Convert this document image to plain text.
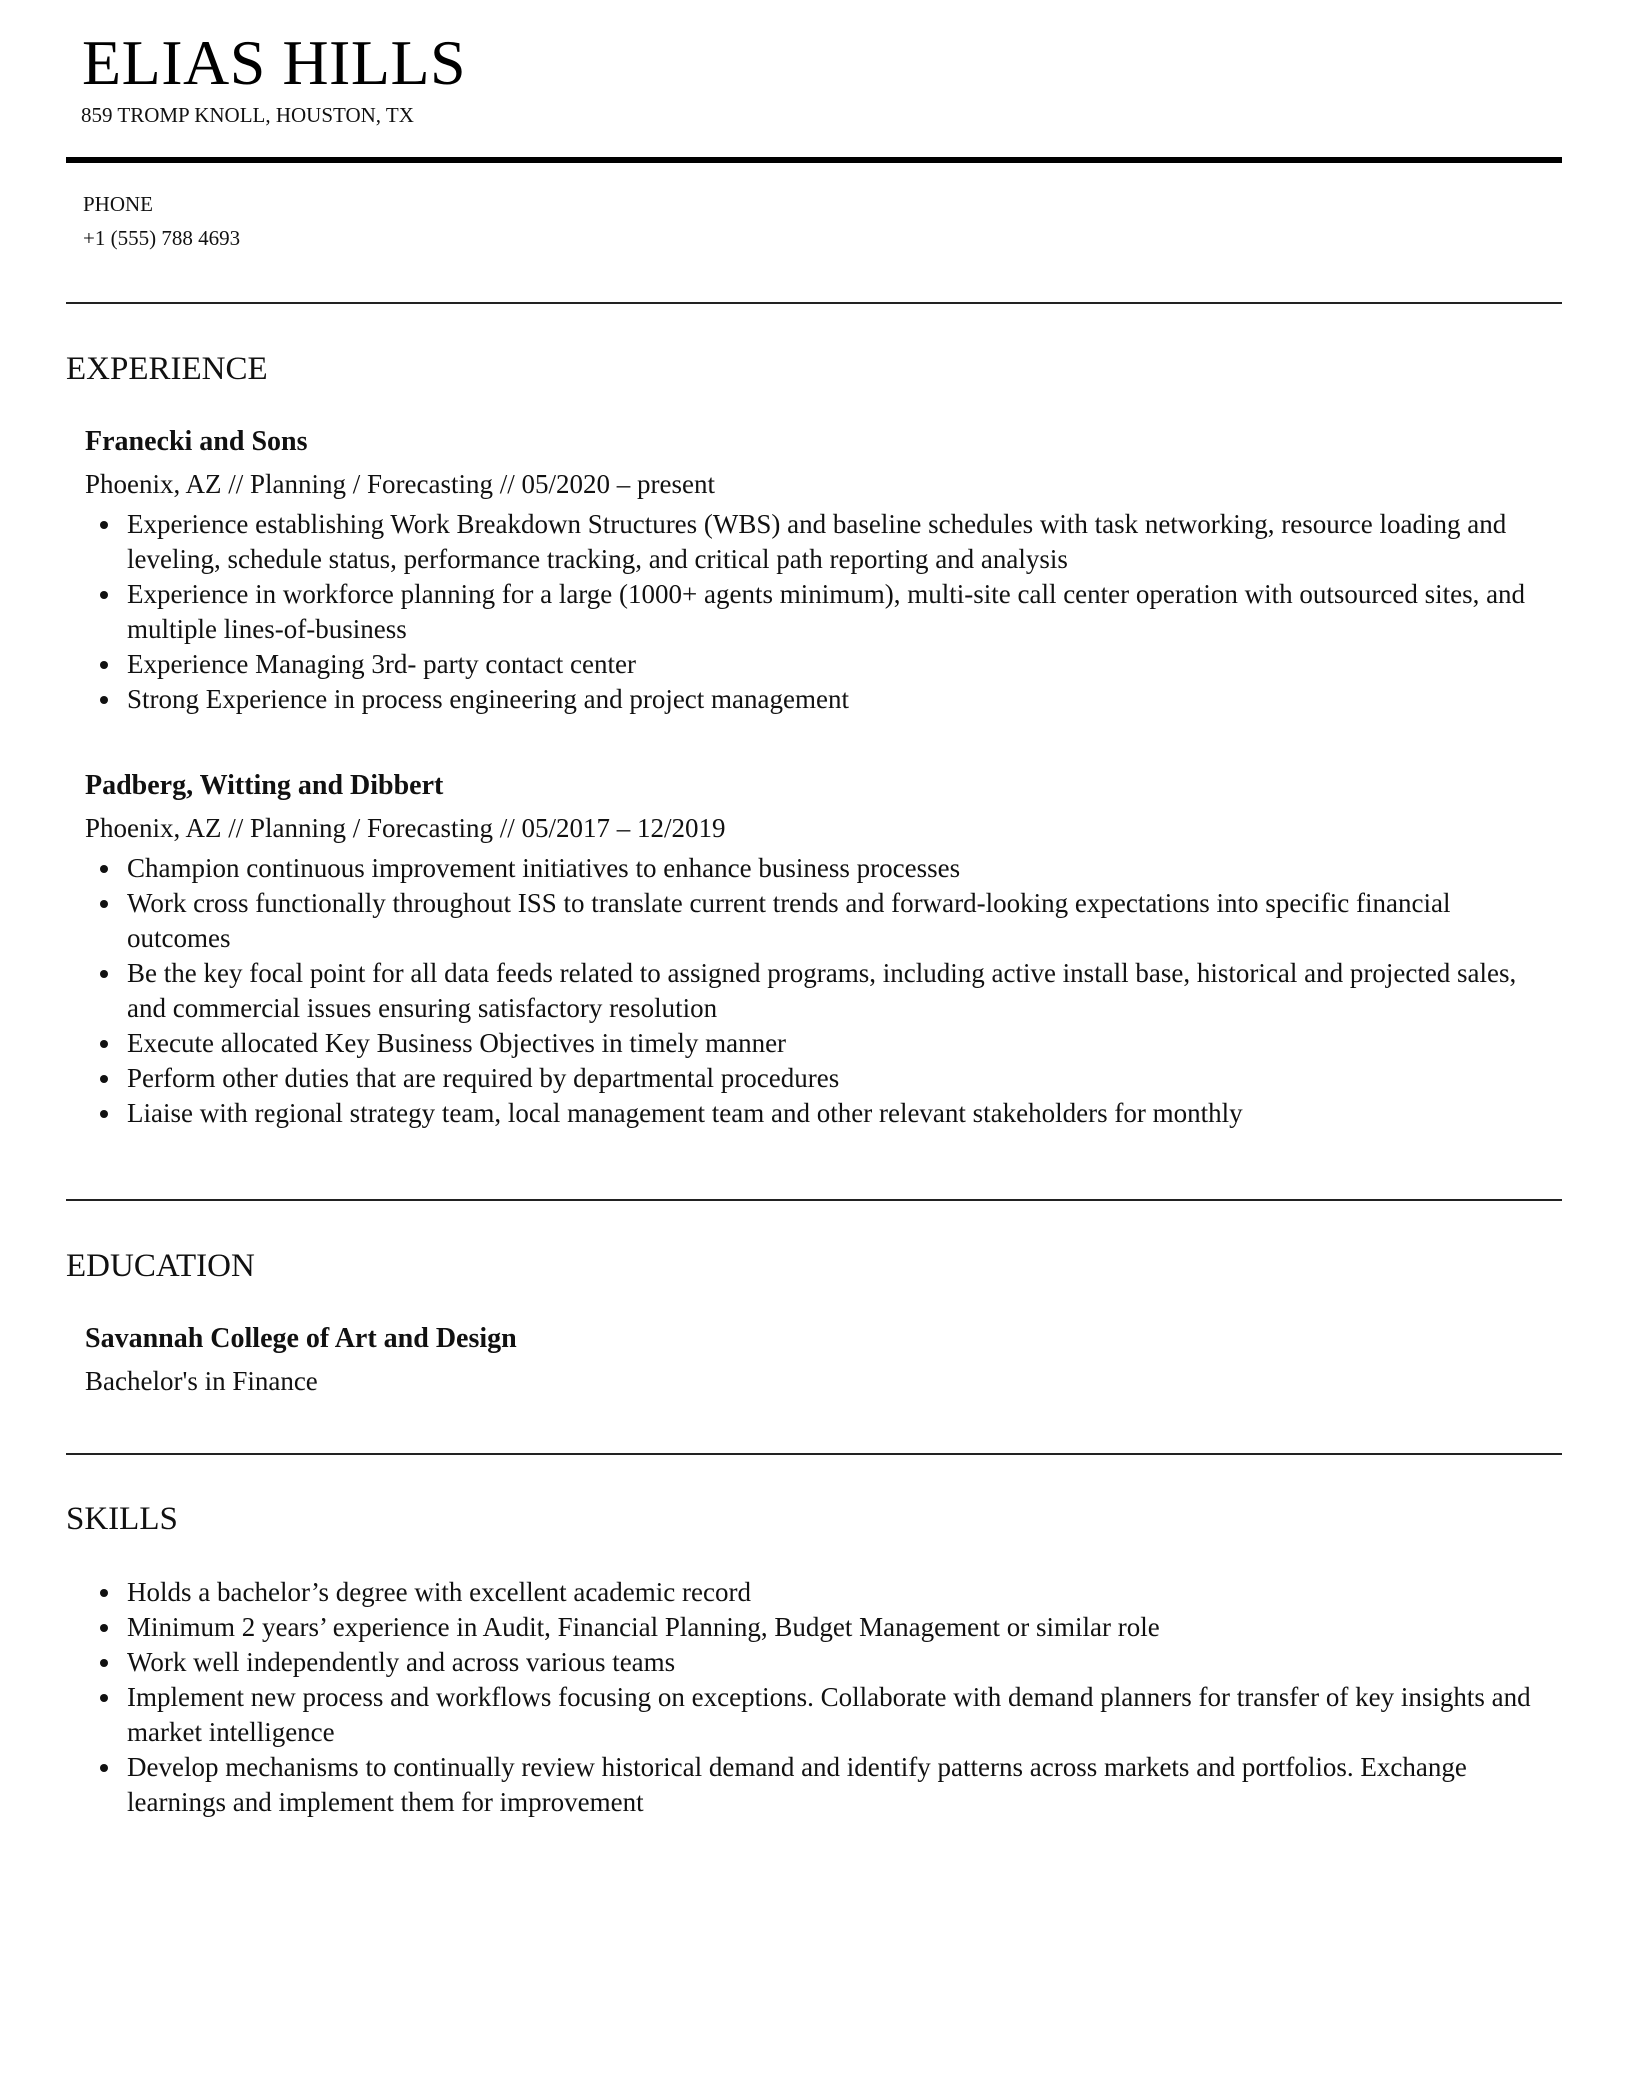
ELIAS HILLS
859 TROMP KNOLL, HOUSTON, TX
PHONE
+1 (555) 788 4693
EXPERIENCE
Franecki and Sons
Phoenix, AZ // Planning / Forecasting // 05/2020 – present
Experience establishing Work Breakdown Structures (WBS) and baseline schedules with task networking, resource loading and leveling, schedule status, performance tracking, and critical path reporting and analysis
Experience in workforce planning for a large (1000+ agents minimum), multi-site call center operation with outsourced sites, and multiple lines-of-business
Experience Managing 3rd- party contact center
Strong Experience in process engineering and project management
Padberg, Witting and Dibbert
Phoenix, AZ // Planning / Forecasting // 05/2017 – 12/2019
Champion continuous improvement initiatives to enhance business processes
Work cross functionally throughout ISS to translate current trends and forward-looking expectations into specific financial outcomes
Be the key focal point for all data feeds related to assigned programs, including active install base, historical and projected sales, and commercial issues ensuring satisfactory resolution
Execute allocated Key Business Objectives in timely manner
Perform other duties that are required by departmental procedures
Liaise with regional strategy team, local management team and other relevant stakeholders for monthly
EDUCATION
Savannah College of Art and Design
Bachelor's in Finance
SKILLS
Holds a bachelor’s degree with excellent academic record
Minimum 2 years’ experience in Audit, Financial Planning, Budget Management or similar role
Work well independently and across various teams
Implement new process and workflows focusing on exceptions. Collaborate with demand planners for transfer of key insights and market intelligence
Develop mechanisms to continually review historical demand and identify patterns across markets and portfolios. Exchange learnings and implement them for improvement
